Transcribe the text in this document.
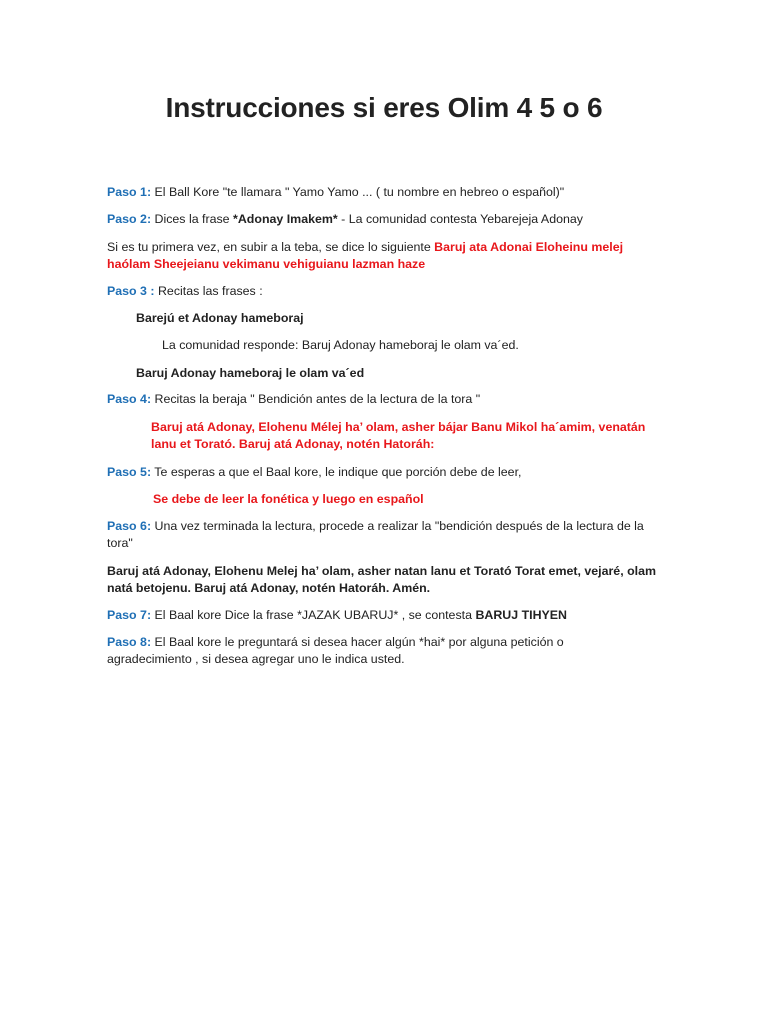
Instrucciones si eres Olim 4 5 o 6

Paso 1: El Ball Kore "te llamara " Yamo Yamo ... ( tu nombre en hebreo o español)"

Paso 2: Dices la frase *Adonay Imakem* - La comunidad contesta Yebarejeja Adonay

Si es tu primera vez, en subir a la teba, se dice lo siguiente Baruj ata Adonai Eloheinu melej haólam Sheejeianu vekimanu vehiguianu lazman haze

Paso 3 : Recitas las frases :

Barejú et Adonay hameboraj

La comunidad responde: Baruj Adonay hameboraj le olam va´ed.

Baruj Adonay hameboraj le olam va´ed

Paso 4: Recitas la beraja " Bendición antes de la lectura de la tora "

Baruj atá Adonay, Elohenu Mélej ha’ olam, asher bájar Banu Mikol ha´amim, venatán lanu et Torató. Baruj atá Adonay, notén Hatoráh:

Paso 5: Te esperas a que el Baal kore, le indique que porción debe de leer,

Se debe de leer la fonética y luego en español

Paso 6: Una vez terminada la lectura, procede a realizar la "bendición después de la lectura de la tora"

Baruj atá Adonay, Elohenu Melej ha’ olam, asher natan lanu et Torató Torat emet, vejaré, olam natá betojenu. Baruj atá Adonay, notén Hatoráh. Amén.

Paso 7: El Baal kore Dice la frase *JAZAK UBARUJ* , se contesta BARUJ TIHYEN

Paso 8: El Baal kore le preguntará si desea hacer algún *hai* por alguna petición o agradecimiento , si desea agregar uno le indica usted.
